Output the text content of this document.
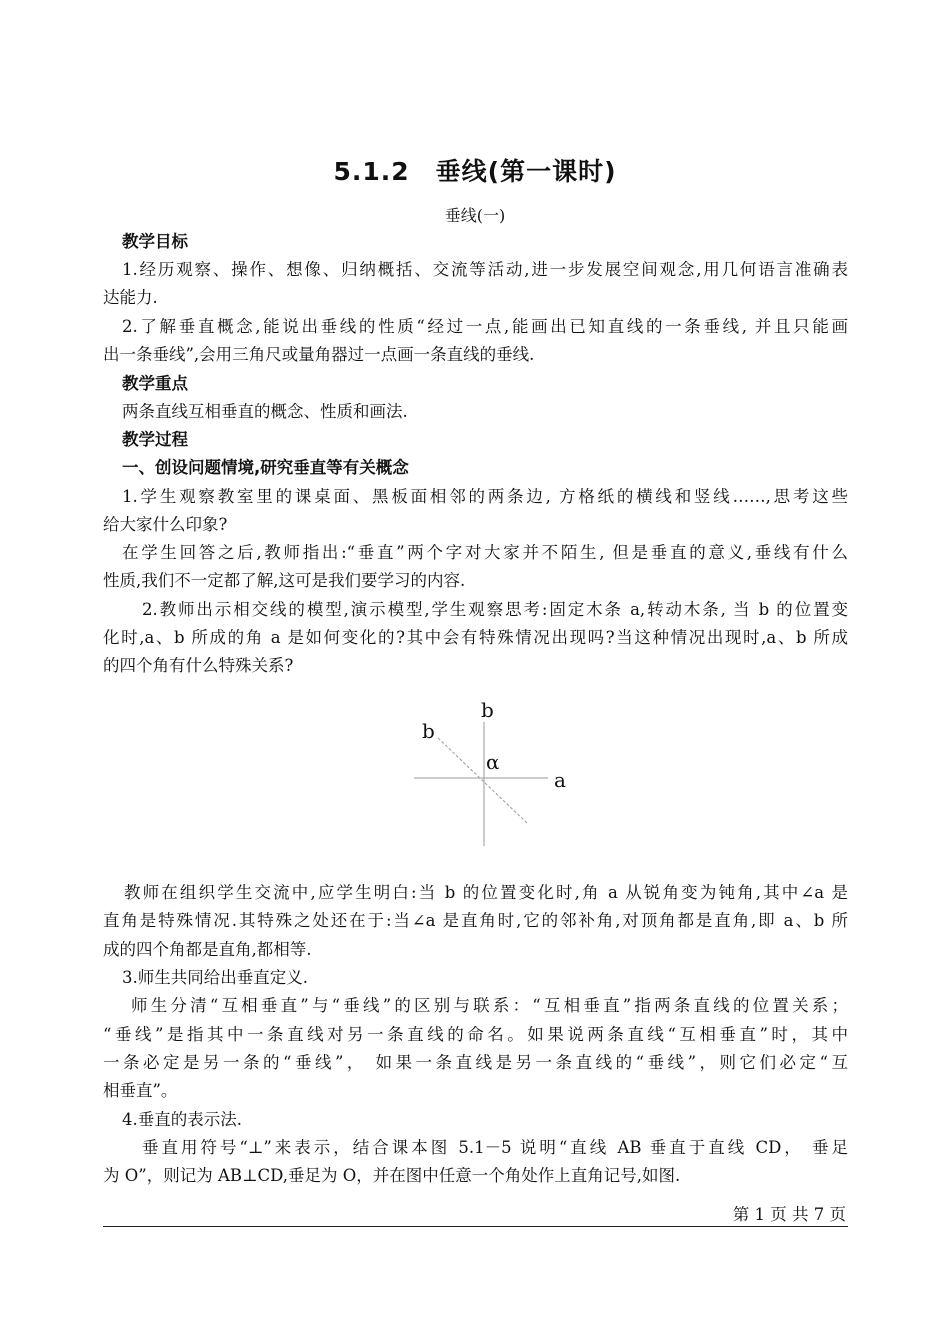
5.1.2　垂线(第一课时)

垂线(一)

教学目标

1.经历观察、操作、想像、归纳概括、交流等活动,进一步发展空间观念,用几何语言准确表

达能力.

2.了解垂直概念,能说出垂线的性质“经过一点,能画出已知直线的一条垂线, 并且只能画

出一条垂线”,会用三角尺或量角器过一点画一条直线的垂线.

教学重点

两条直线互相垂直的概念、性质和画法.

教学过程

一、创设问题情境,研究垂直等有关概念

1.学生观察教室里的课桌面、黑板面相邻的两条边, 方格纸的横线和竖线……,思考这些

给大家什么印象?

在学生回答之后,教师指出:“垂直”两个字对大家并不陌生, 但是垂直的意义,垂线有什么

性质,我们不一定都了解,这可是我们要学习的内容.

2.教师出示相交线的模型,演示模型,学生观察思考:固定木条 a,转动木条, 当 b 的位置变

化时,a、b 所成的角 a 是如何变化的?其中会有特殊情况出现吗?当这种情况出现时,a、b 所成

的四个角有什么特殊关系?

b
b
α
a

教师在组织学生交流中,应学生明白:当 b 的位置变化时,角 a 从锐角变为钝角,其中∠a 是

直角是特殊情况.其特殊之处还在于:当∠a 是直角时,它的邻补角,对顶角都是直角,即 a、b 所

成的四个角都是直角,都相等.

3.师生共同给出垂直定义.

师生分清“互相垂直”与“垂线”的区别与联系：“互相垂直”指两条直线的位置关系；

“垂线”是指其中一条直线对另一条直线的命名。如果说两条直线“互相垂直”时，其中

一条必定是另一条的“垂线”， 如果一条直线是另一条直线的“垂线”，则它们必定“互

相垂直”。

4.垂直的表示法.

垂直用符号“⊥”来表示，结合课本图 5.1－5 说明“直线 AB 垂直于直线 CD， 垂足

为 O”，则记为 AB⊥CD,垂足为 O，并在图中任意一个角处作上直角记号,如图.

第 1 页 共 7 页
